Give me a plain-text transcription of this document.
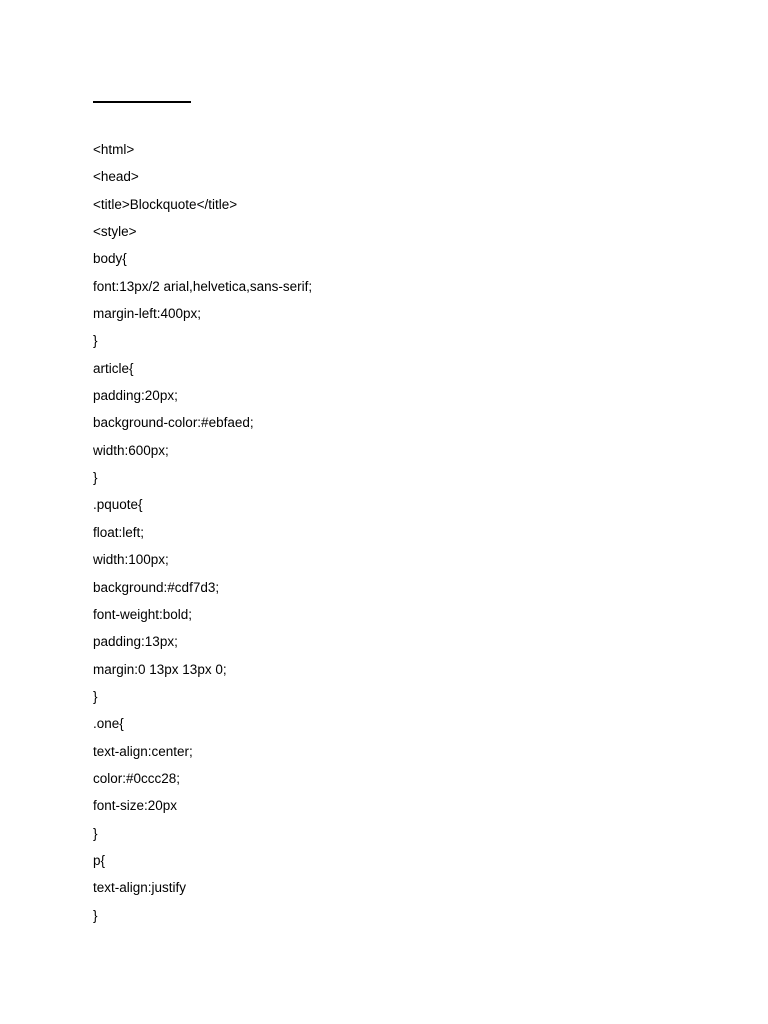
<html>
<head>
<title>Blockquote</title>
<style>
body{
font:13px/2 arial,helvetica,sans-serif;
margin-left:400px;
}
article{
padding:20px;
background-color:#ebfaed;
width:600px;
}
.pquote{
float:left;
width:100px;
background:#cdf7d3;
font-weight:bold;
padding:13px;
margin:0 13px 13px 0;
}
.one{
text-align:center;
color:#0ccc28;
font-size:20px
}
p{
text-align:justify
}
